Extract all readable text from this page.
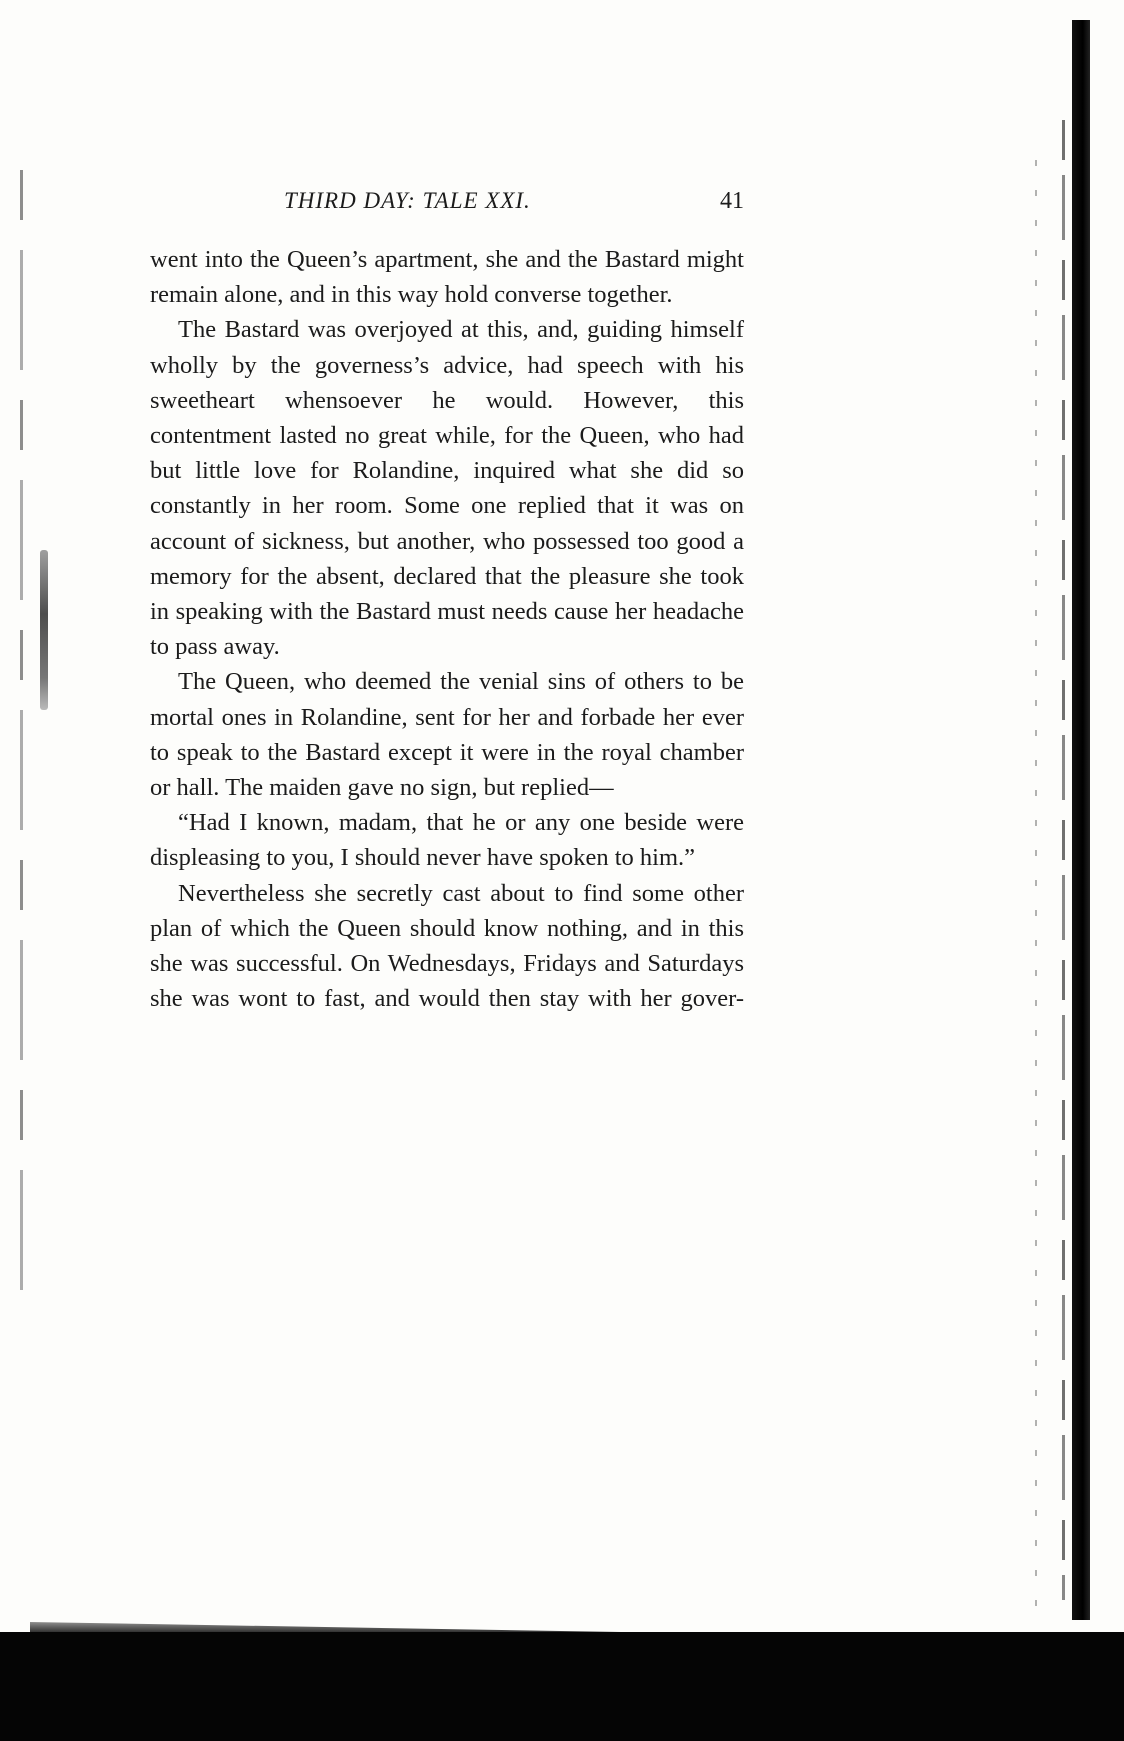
THIRD DAY: TALE XXI.	41

went into the Queen’s apartment, she and the Bastard might remain alone, and in this way hold converse together.

The Bastard was overjoyed at this, and, guiding himself wholly by the governess’s advice, had speech with his sweetheart whensoever he would. However, this contentment lasted no great while, for the Queen, who had but little love for Rolandine, inquired what she did so constantly in her room. Some one replied that it was on account of sickness, but another, who possessed too good a memory for the absent, declared that the pleasure she took in speaking with the Bastard must needs cause her headache to pass away.

The Queen, who deemed the venial sins of others to be mortal ones in Rolandine, sent for her and forbade her ever to speak to the Bastard except it were in the royal chamber or hall. The maiden gave no sign, but replied—

“Had I known, madam, that he or any one beside were displeasing to you, I should never have spoken to him.”

Nevertheless she secretly cast about to find some other plan of which the Queen should know nothing, and in this she was successful. On Wednesdays, Fridays and Saturdays she was wont to fast, and would then stay with her gover-
